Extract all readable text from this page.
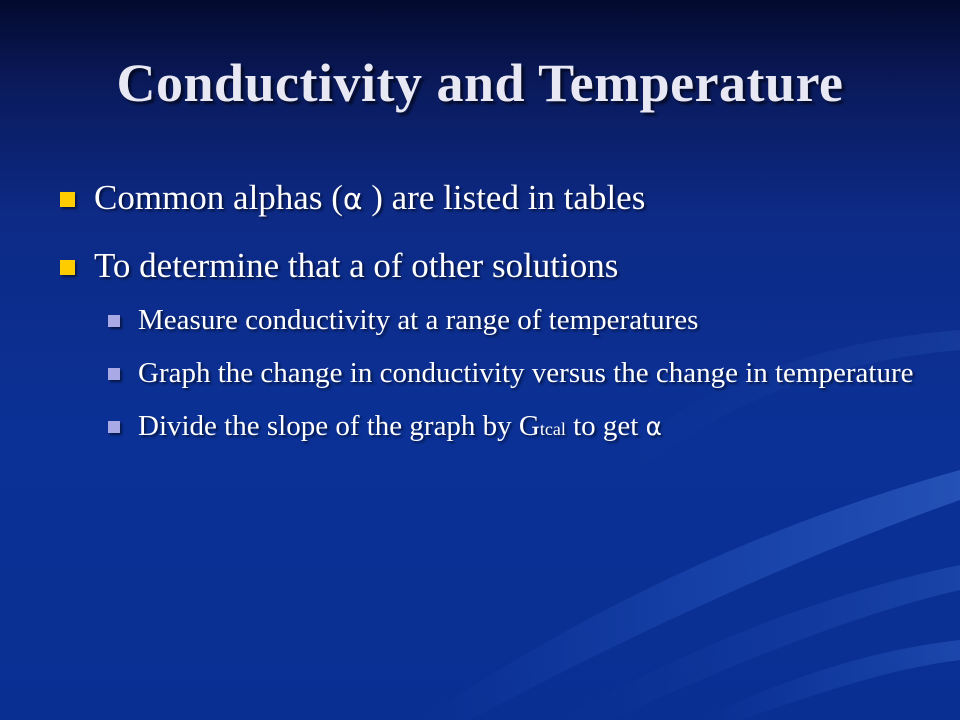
Conductivity and Temperature
Common alphas (α ) are listed in tables
To determine that a of other solutions
Measure conductivity at a range of temperatures
Graph the change in conductivity versus the change in temperature
Divide the slope of the graph by Gtcal to get α
